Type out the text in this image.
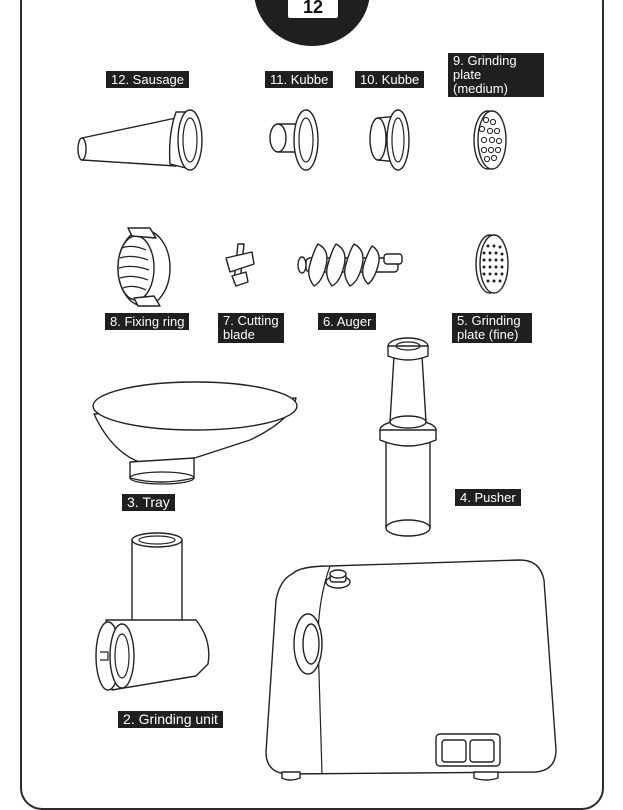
12
12. Sausage	11. Kubbe	10. Kubbe
9. Grinding plate (medium)
8. Fixing ring	7. Cutting blade
6. Auger	5. Grinding plate (fine)
3. Tray	4. Pusher
2. Grinding unit
